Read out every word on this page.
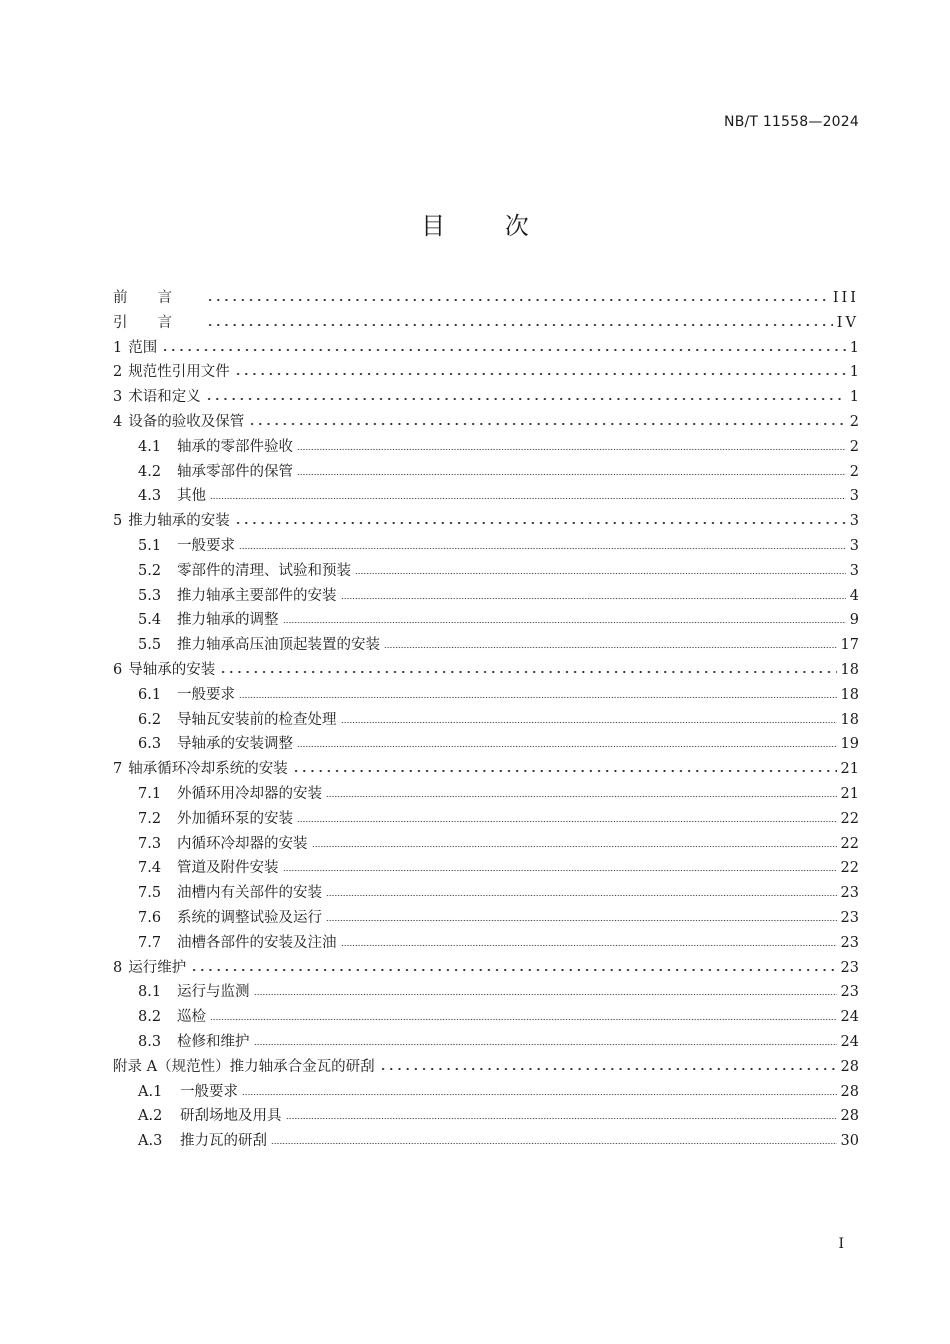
NB/T 11558—2024
目 次
前言	III
引言	IV
1 范围	1
2 规范性引用文件	1
3 术语和定义	1
4 设备的验收及保管	2
4.1	轴承的零部件验收	2
4.2	轴承零部件的保管	2
4.3	其他	3
5 推力轴承的安装	3
5.1	一般要求	3
5.2	零部件的清理、试验和预装	3
5.3	推力轴承主要部件的安装	4
5.4	推力轴承的调整	9
5.5	推力轴承高压油顶起装置的安装	17
6 导轴承的安装	18
6.1	一般要求	18
6.2	导轴瓦安装前的检查处理	18
6.3	导轴承的安装调整	19
7 轴承循环冷却系统的安装	21
7.1	外循环用冷却器的安装	21
7.2	外加循环泵的安装	22
7.3	内循环冷却器的安装	22
7.4	管道及附件安装	22
7.5	油槽内有关部件的安装	23
7.6	系统的调整试验及运行	23
7.7	油槽各部件的安装及注油	23
8 运行维护	23
8.1	运行与监测	23
8.2	巡检	24
8.3	检修和维护	24
附录 A（规范性）推力轴承合金瓦的研刮	28
A.1	一般要求	28
A.2	研刮场地及用具	28
A.3	推力瓦的研刮	30
I
